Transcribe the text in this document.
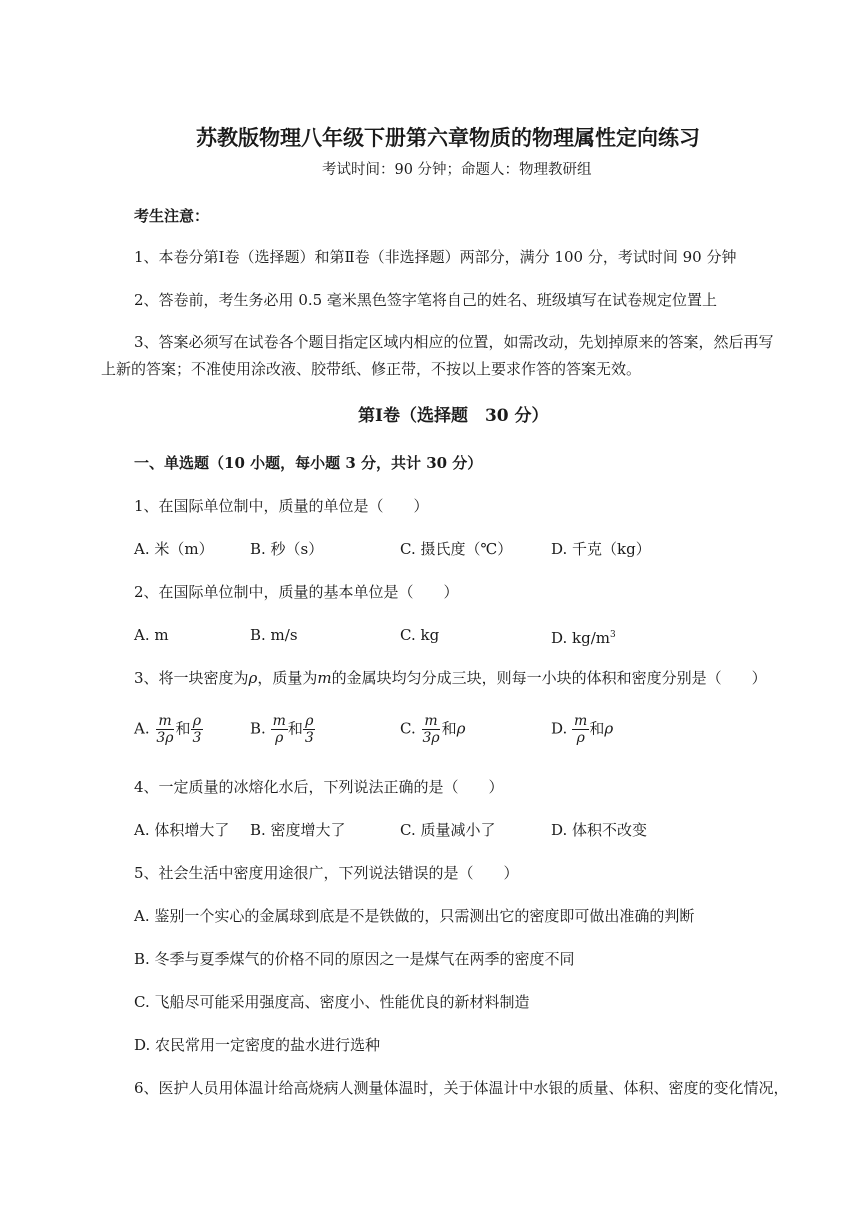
苏教版物理八年级下册第六章物质的物理属性定向练习
考试时间：90 分钟；命题人：物理教研组
考生注意：
1、本卷分第Ⅰ卷（选择题）和第Ⅱ卷（非选择题）两部分，满分 100 分，考试时间 90 分钟
2、答卷前，考生务必用 0.5 毫米黑色签字笔将自己的姓名、班级填写在试卷规定位置上
3、答案必须写在试卷各个题目指定区域内相应的位置，如需改动，先划掉原来的答案，然后再写
上新的答案；不准使用涂改液、胶带纸、修正带，不按以上要求作答的答案无效。
第Ⅰ卷（选择题　30 分）
一、单选题（10 小题，每小题 3 分，共计 30 分）
1、在国际单位制中，质量的单位是（　　）
A. 米（m） B. 秒（s）	C. 摄氏度（℃）	D. 千克（kg）
2、在国际单位制中，质量的基本单位是（　　）
A. m	B. m/s	C. kg	D. $kg/m^3$
3、将一块密度为ρ，质量为m的金属块均匀分成三块，则每一小块的体积和密度分别是（　　）
A. $\frac{m}{3\rho}$ 和 $\frac{\rho}{3}$	B. $\frac{m}{\rho}$ 和 $\frac{\rho}{3}$	C. $\frac{m}{3\rho}$ 和ρ	D. $\frac{m}{\rho}$ 和ρ
4、一定质量的冰熔化水后，下列说法正确的是（　　）
A. 体积增大了 B. 密度增大了	C. 质量减小了	D. 体积不改变
5、社会生活中密度用途很广，下列说法错误的是（　　）
A. 鉴别一个实心的金属球到底是不是铁做的，只需测出它的密度即可做出准确的判断
B. 冬季与夏季煤气的价格不同的原因之一是煤气在两季的密度不同
C. 飞船尽可能采用强度高、密度小、性能优良的新材料制造
D. 农民常用一定密度的盐水进行选种
6、医护人员用体温计给高烧病人测量体温时，关于体温计中水银的质量、体积、密度的变化情况，
